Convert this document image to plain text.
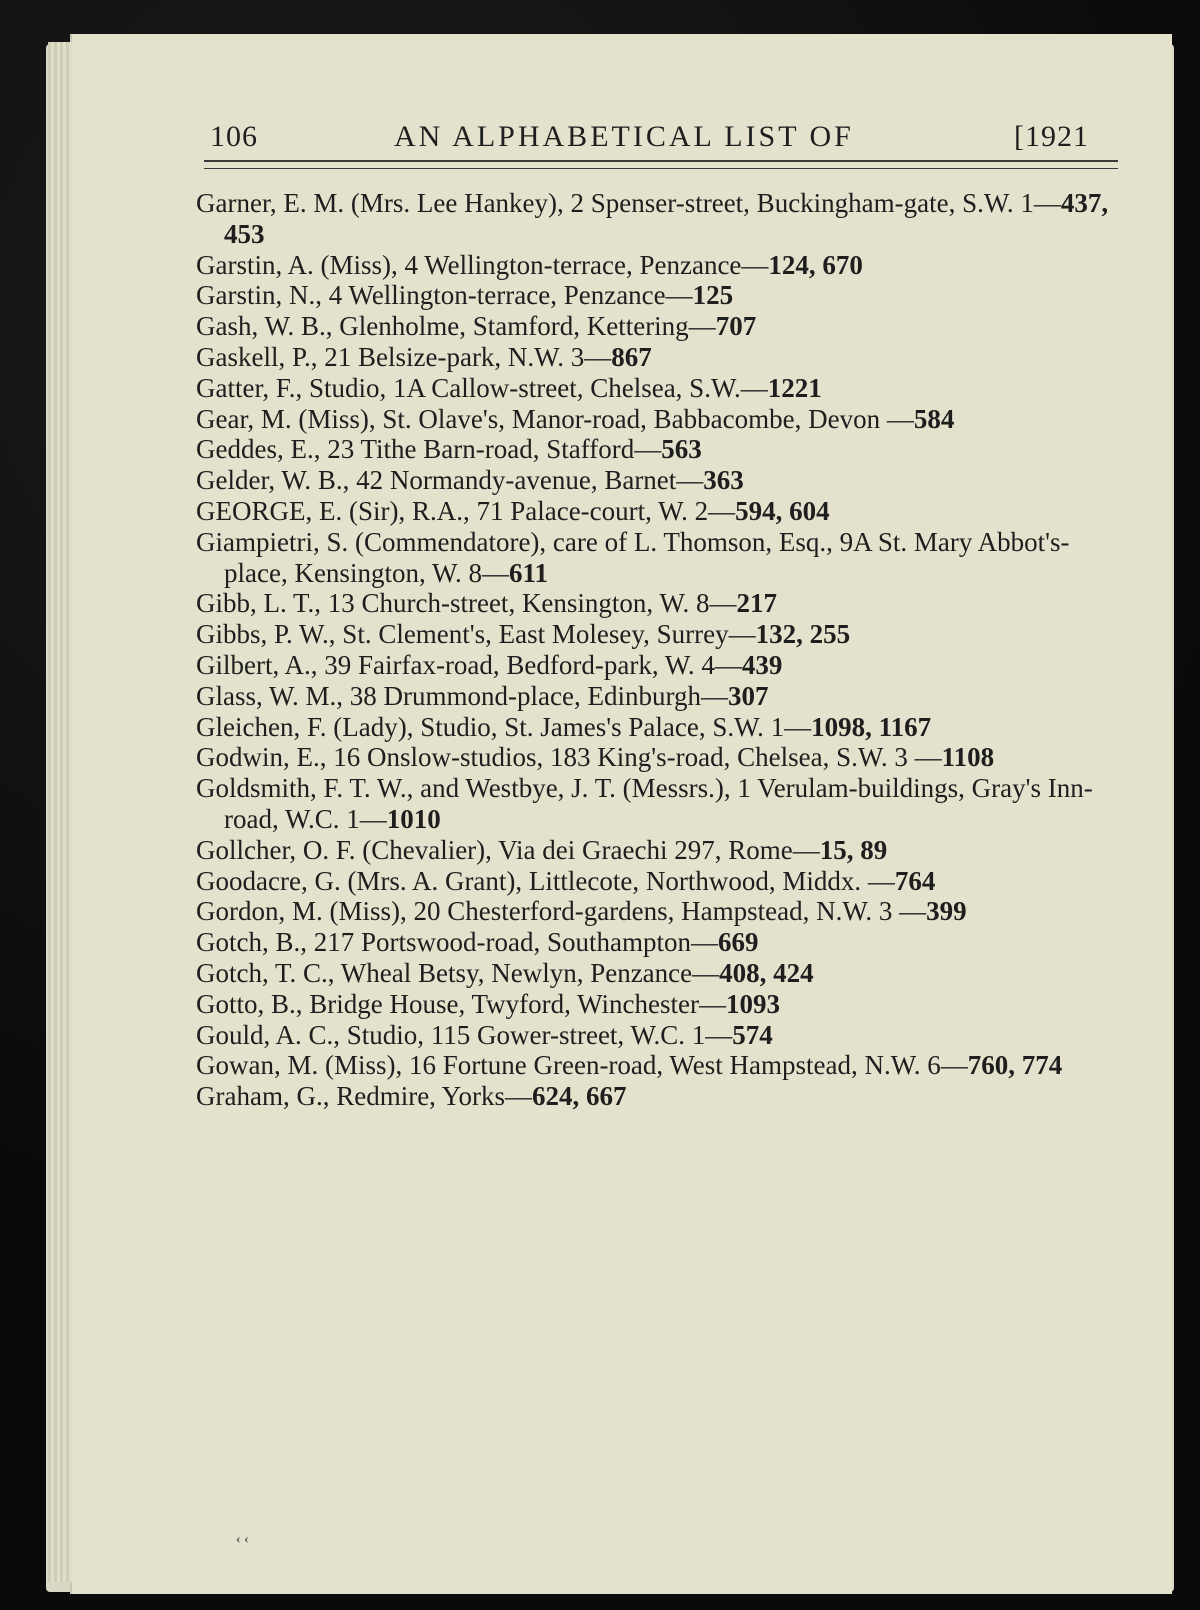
106	AN ALPHABETICAL LIST OF	[1921

Garner, E. M. (Mrs. Lee Hankey), 2 Spenser-street, Buckingham-gate, S.W. 1—437, 453

Garstin, A. (Miss), 4 Wellington-terrace, Penzance—124, 670

Garstin, N., 4 Wellington-terrace, Penzance—125

Gash, W. B., Glenholme, Stamford, Kettering—707

Gaskell, P., 21 Belsize-park, N.W. 3—867

Gatter, F., Studio, 1A Callow-street, Chelsea, S.W.—1221

Gear, M. (Miss), St. Olave's, Manor-road, Babbacombe, Devon —584

Geddes, E., 23 Tithe Barn-road, Stafford—563

Gelder, W. B., 42 Normandy-avenue, Barnet—363

GEORGE, E. (Sir), R.A., 71 Palace-court, W. 2—594, 604

Giampietri, S. (Commendatore), care of L. Thomson, Esq., 9A St. Mary Abbot's-place, Kensington, W. 8—611

Gibb, L. T., 13 Church-street, Kensington, W. 8—217

Gibbs, P. W., St. Clement's, East Molesey, Surrey—132, 255

Gilbert, A., 39 Fairfax-road, Bedford-park, W. 4—439

Glass, W. M., 38 Drummond-place, Edinburgh—307

Gleichen, F. (Lady), Studio, St. James's Palace, S.W. 1—1098, 1167

Godwin, E., 16 Onslow-studios, 183 King's-road, Chelsea, S.W. 3 —1108

Goldsmith, F. T. W., and Westbye, J. T. (Messrs.), 1 Verulam-buildings, Gray's Inn-road, W.C. 1—1010

Gollcher, O. F. (Chevalier), Via dei Graechi 297, Rome—15, 89

Goodacre, G. (Mrs. A. Grant), Littlecote, Northwood, Middx. —764

Gordon, M. (Miss), 20 Chesterford-gardens, Hampstead, N.W. 3 —399

Gotch, B., 217 Portswood-road, Southampton—669

Gotch, T. C., Wheal Betsy, Newlyn, Penzance—408, 424

Gotto, B., Bridge House, Twyford, Winchester—1093

Gould, A. C., Studio, 115 Gower-street, W.C. 1—574

Gowan, M. (Miss), 16 Fortune Green-road, West Hampstead, N.W. 6—760, 774

Graham, G., Redmire, Yorks—624, 667

‹ ‹
